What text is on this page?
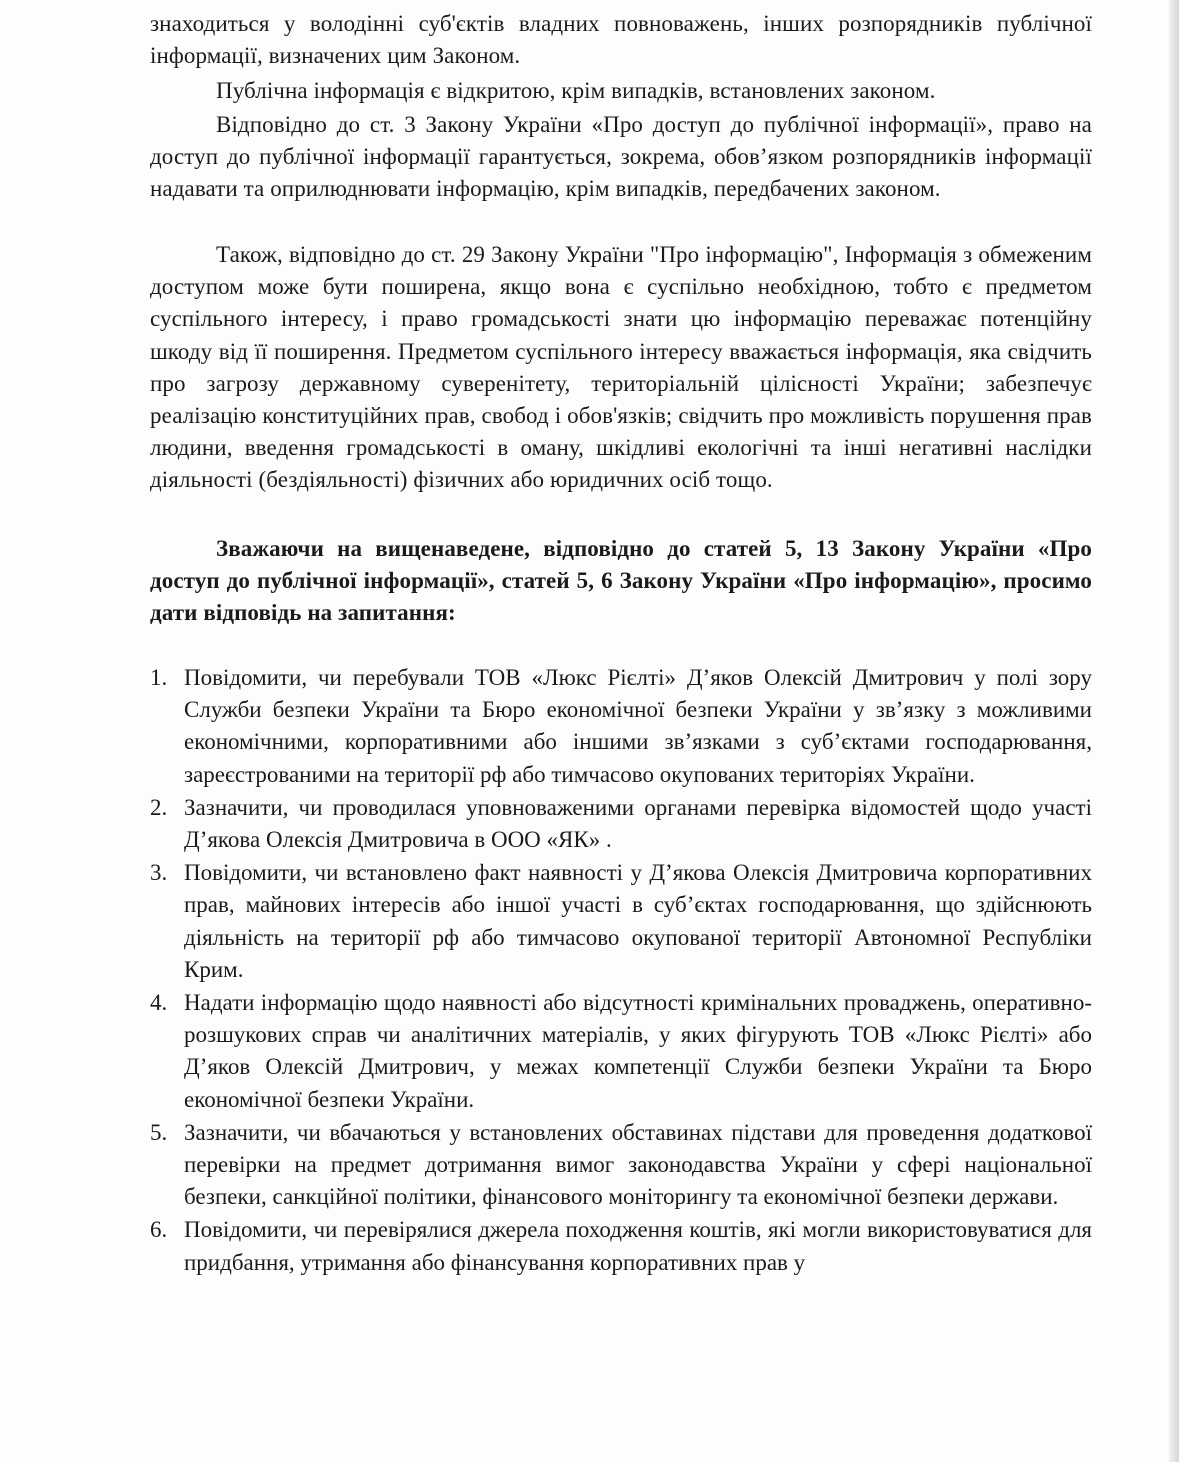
знаходиться у володінні суб'єктів владних повноважень, інших розпорядників публічної інформації, визначених цим Законом.

Публічна інформація є відкритою, крім випадків, встановлених законом.

Відповідно до ст. 3 Закону України «Про доступ до публічної інформації», право на доступ до публічної інформації гарантується, зокрема, обов’язком розпорядників інформації надавати та оприлюднювати інформацію, крім випадків, передбачених законом.

Також, відповідно до ст. 29 Закону України "Про інформацію", Інформація з обмеженим доступом може бути поширена, якщо вона є суспільно необхідною, тобто є предметом суспільного інтересу, і право громадськості знати цю інформацію переважає потенційну шкоду від її поширення. Предметом суспільного інтересу вважається інформація, яка свідчить про загрозу державному суверенітету, територіальній цілісності України; забезпечує реалізацію конституційних прав, свобод і обов'язків; свідчить про можливість порушення прав людини, введення громадськості в оману, шкідливі екологічні та інші негативні наслідки діяльності (бездіяльності) фізичних або юридичних осіб тощо.

Зважаючи на вищенаведене, відповідно до статей 5, 13 Закону України «Про доступ до публічної інформації», статей 5, 6 Закону України «Про інформацію», просимо дати відповідь на запитання:

1. Повідомити, чи перебували ТОВ «Люкс Рієлті» Д’яков Олексій Дмитрович у полі зору Служби безпеки України та Бюро економічної безпеки України у зв’язку з можливими економічними, корпоративними або іншими зв’язками з суб’єктами господарювання, зареєстрованими на території рф або тимчасово окупованих територіях України.
2. Зазначити, чи проводилася уповноваженими органами перевірка відомостей щодо участі Д’якова Олексія Дмитровича в ООО «ЯК» .
3. Повідомити, чи встановлено факт наявності у Д’якова Олексія Дмитровича корпоративних прав, майнових інтересів або іншої участі в суб’єктах господарювання, що здійснюють діяльність на території рф або тимчасово окупованої території Автономної Республіки Крим.
4. Надати інформацію щодо наявності або відсутності кримінальних проваджень, оперативно-розшукових справ чи аналітичних матеріалів, у яких фігурують ТОВ «Люкс Рієлті» або Д’яков Олексій Дмитрович, у межах компетенції Служби безпеки України та Бюро економічної безпеки України.
5. Зазначити, чи вбачаються у встановлених обставинах підстави для проведення додаткової перевірки на предмет дотримання вимог законодавства України у сфері національної безпеки, санкційної політики, фінансового моніторингу та економічної безпеки держави.
6. Повідомити, чи перевірялися джерела походження коштів, які могли використовуватися для придбання, утримання або фінансування корпоративних прав у
